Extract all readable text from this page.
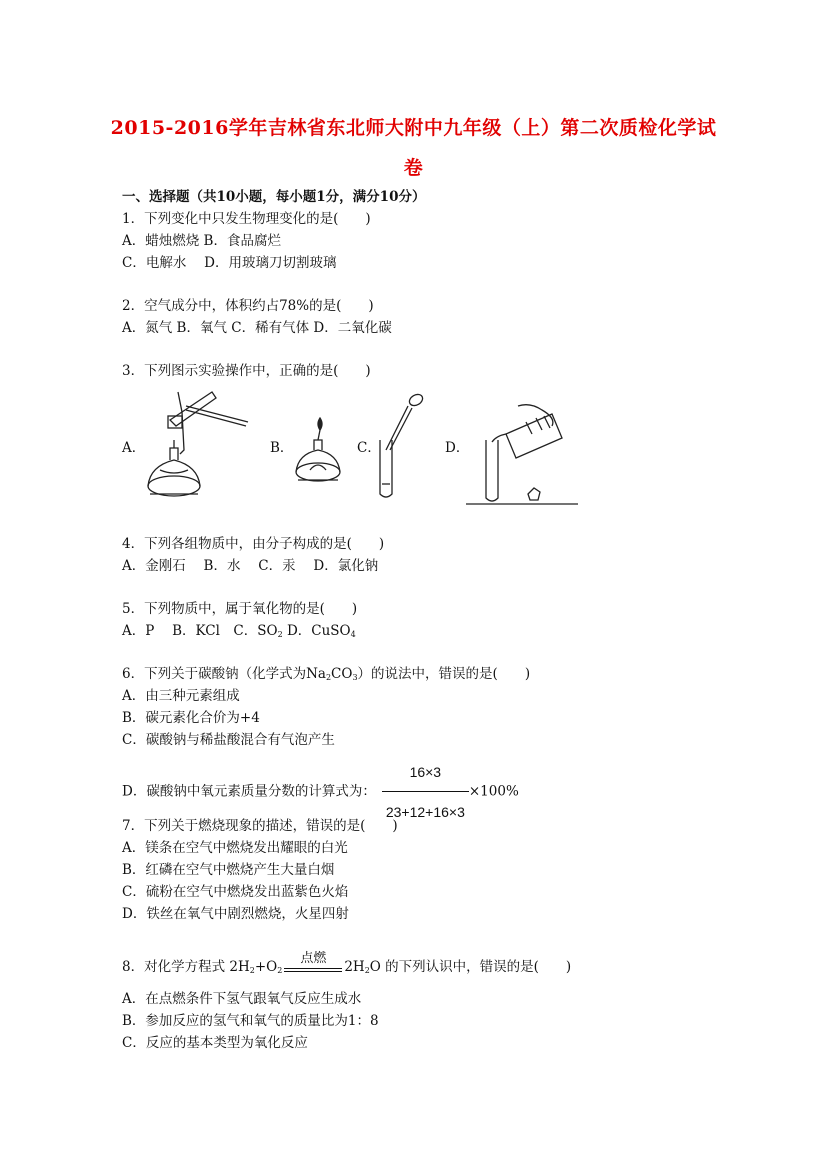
2015-2016学年吉林省东北师大附中九年级（上）第二次质检化学试
卷
一、选择题（共10小题，每小题1分，满分10分）
1．下列变化中只发生物理变化的是(　　)
A．蜡烛燃烧 B．食品腐烂
C．电解水　 D．用玻璃刀切割玻璃
2．空气成分中，体积约占78%的是(　　)
A．氮气 B．氧气 C．稀有气体 D．二氧化碳
3．下列图示实验操作中，正确的是(　　)
A．	B．	C．	D．
4．下列各组物质中，由分子构成的是(　　)
A．金刚石　 B．水　 C．汞　 D．氯化钠
5．下列物质中，属于氧化物的是(　　)
A．P　 B．KCl　C．$SO_2$ D．CuSO$_4$
6．下列关于碳酸钠（化学式为$Na_2CO_3$）的说法中，错误的是(　　)
A．由三种元素组成
B．碳元素化合价为+4
C．碳酸钠与稀盐酸混合有气泡产生
D．碳酸钠中氧元素质量分数的计算式为： $\frac{16\times 3}{23+12+16\times 3} \times 100\%$
7．下列关于燃烧现象的描述，错误的是(　　)
A．镁条在空气中燃烧发出耀眼的白光
B．红磷在空气中燃烧产生大量白烟
C．硫粉在空气中燃烧发出蓝紫色火焰
D．铁丝在氧气中剧烈燃烧，火星四射
8．对化学方程式 $2H_2+O_2$
点燃
$2H_2O$ 的下列认识中，错误的是(　　)
A．在点燃条件下氢气跟氧气反应生成水
B．参加反应的氢气和氧气的质量比为1：8
C．反应的基本类型为氧化反应
